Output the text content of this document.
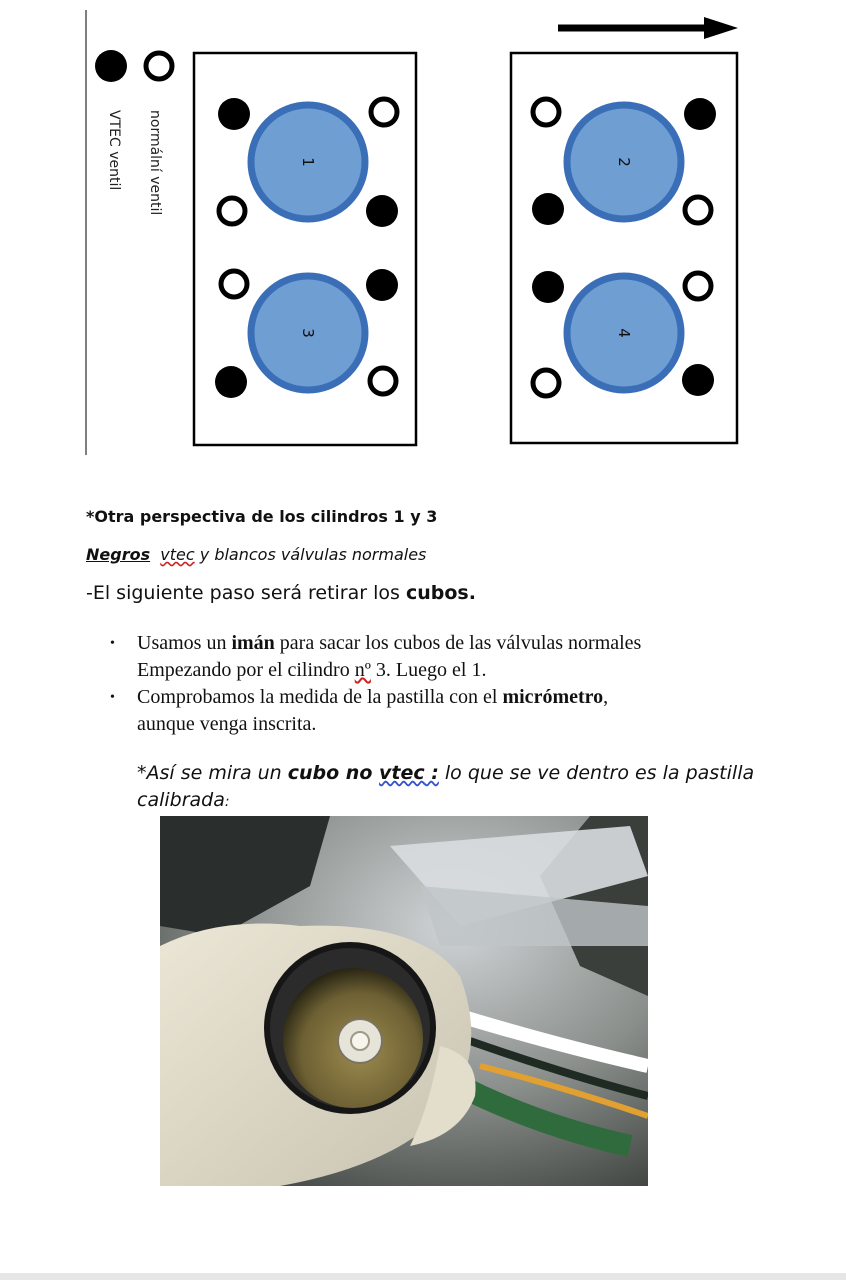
normální ventil
VTEC ventil	1
3
2
4

*Otra perspectiva de los cilindros 1 y 3

Negros vtec y blancos válvulas normales

-El siguiente paso será retirar los cubos.

• Usamos un imán para sacar los cubos de las válvulas normales
Empezando por el cilindro nº 3. Luego el 1.
• Comprobamos la medida de la pastilla con el micrómetro,
aunque venga inscrita.

*Así se mira un cubo no vtec : lo que se ve dentro es la pastilla calibrada:
